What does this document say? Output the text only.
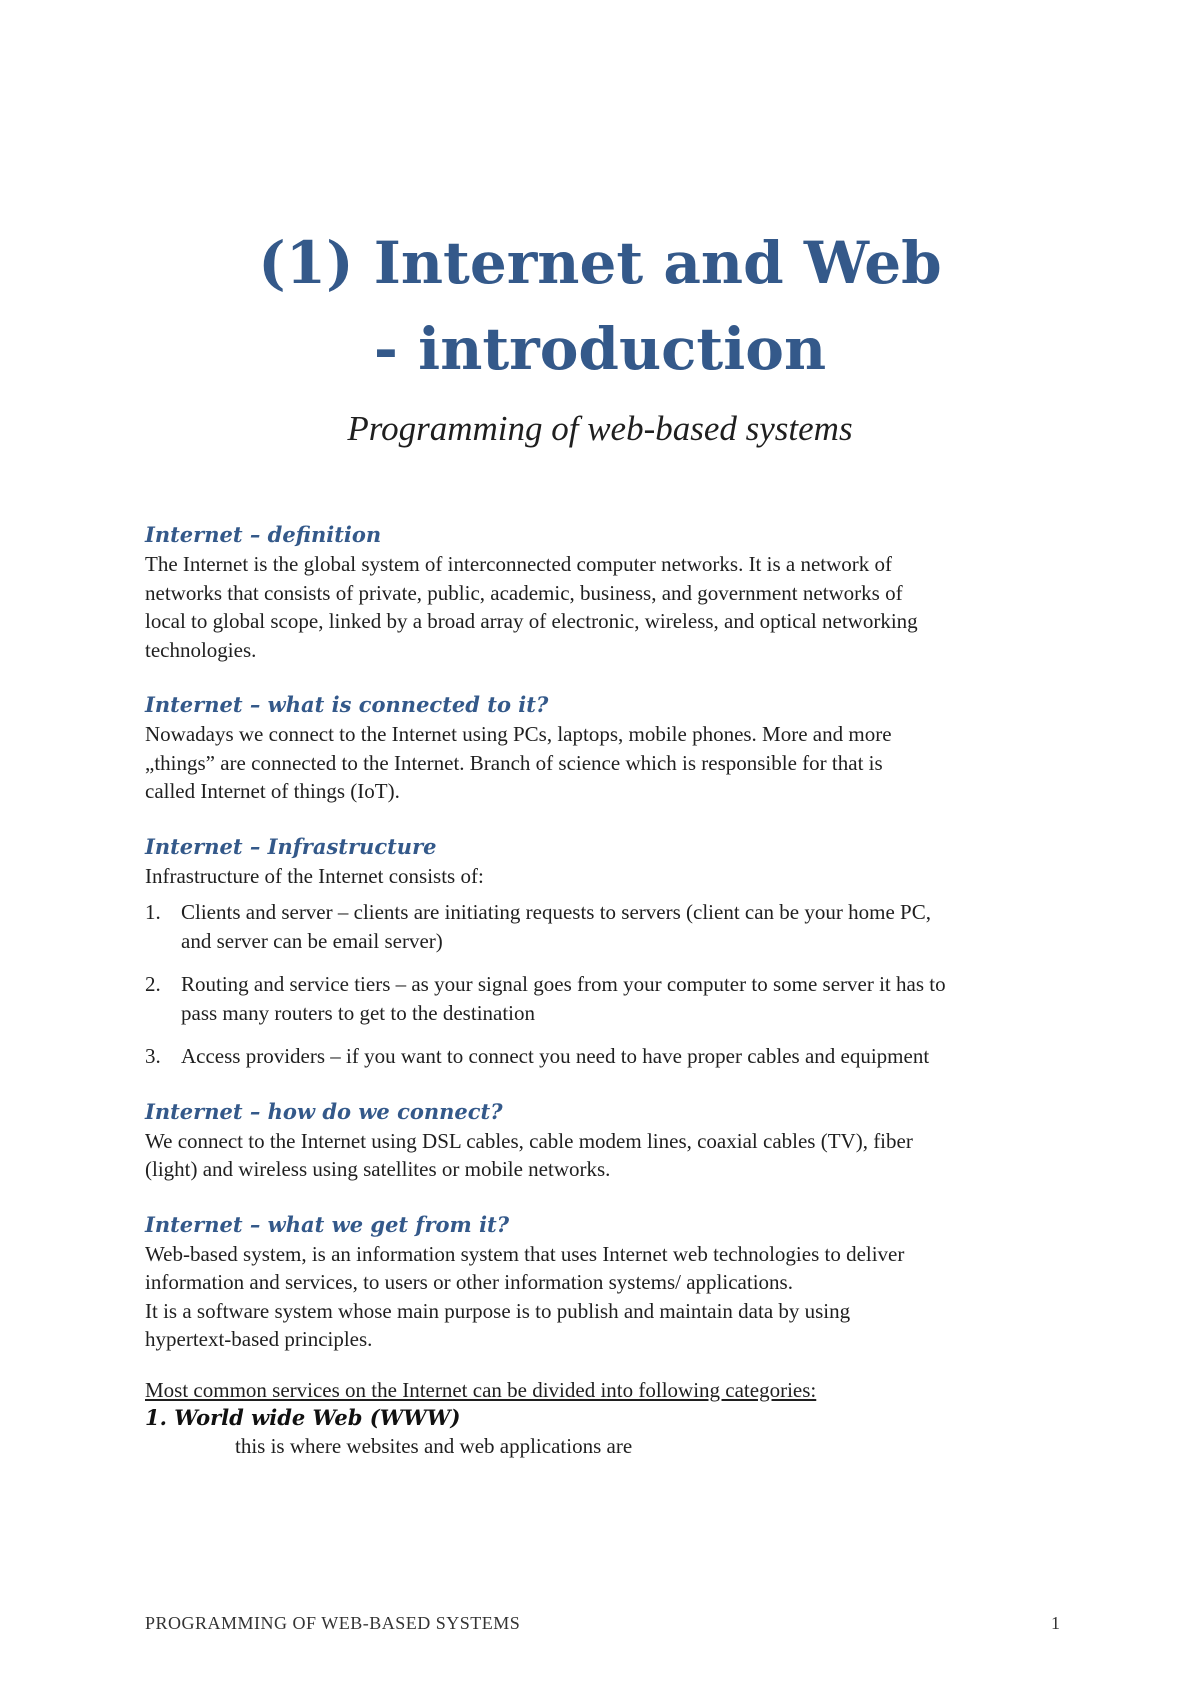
(1) Internet and Web
- introduction
Programming of web-based systems
Internet – definition
The Internet is the global system of interconnected computer networks. It is a network of
networks that consists of private, public, academic, business, and government networks of
local to global scope, linked by a broad array of electronic, wireless, and optical networking
technologies.
Internet – what is connected to it?
Nowadays we connect to the Internet using PCs, laptops, mobile phones. More and more
„things” are connected to the Internet. Branch of science which is responsible for that is
called Internet of things (IoT).
Internet – Infrastructure
Infrastructure of the Internet consists of:
1. Clients and server – clients are initiating requests to servers (client can be your home PC,
and server can be email server)
2. Routing and service tiers – as your signal goes from your computer to some server it has to
pass many routers to get to the destination
3. Access providers – if you want to connect you need to have proper cables and equipment
Internet – how do we connect?
We connect to the Internet using DSL cables, cable modem lines, coaxial cables (TV), fiber
(light) and wireless using satellites or mobile networks.
Internet – what we get from it?
Web-based system, is an information system that uses Internet web technologies to deliver
information and services, to users or other information systems/ applications.
It is a software system whose main purpose is to publish and maintain data by using
hypertext-based principles.
Most common services on the Internet can be divided into following categories:
1. World wide Web (WWW)
this is where websites and web applications are
PROGRAMMING OF WEB-BASED SYSTEMS	1
